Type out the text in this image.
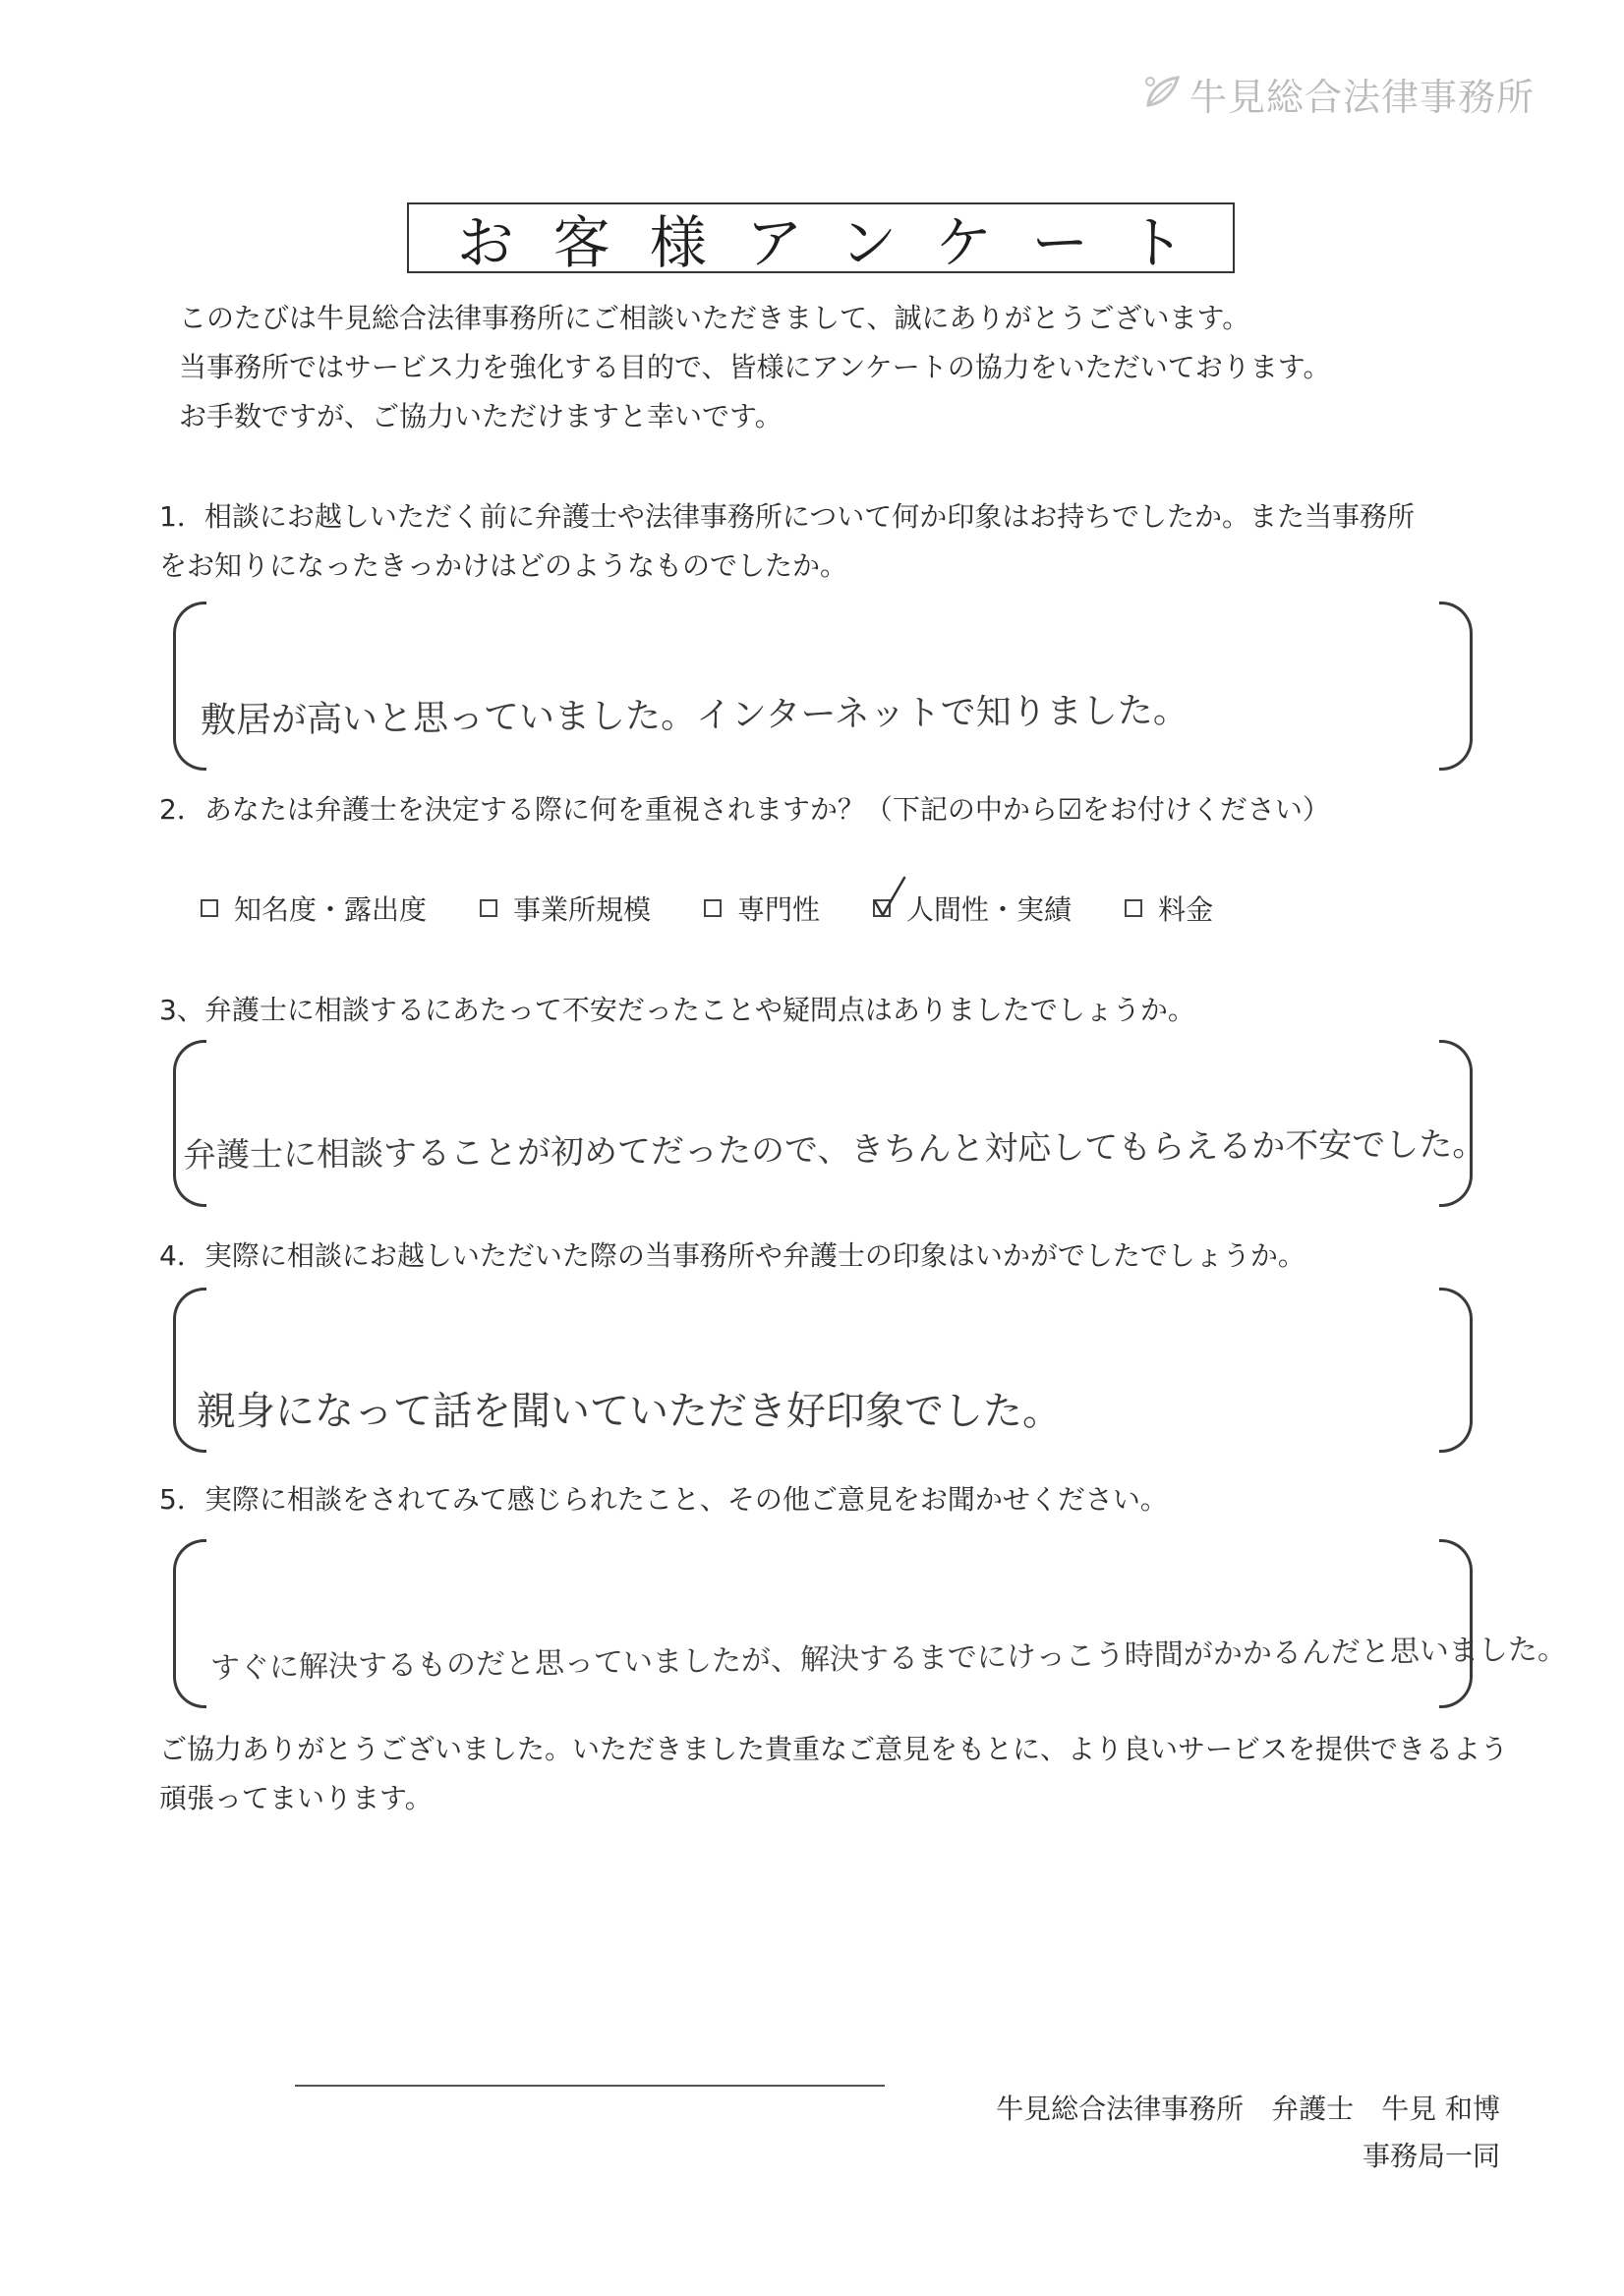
牛見総合法律事務所
お客様アンケート
このたびは牛見総合法律事務所にご相談いただきまして、誠にありがとうございます。
当事務所ではサービス力を強化する目的で、皆様にアンケートの協力をいただいております。
お手数ですが、ご協力いただけますと幸いです。
1．相談にお越しいただく前に弁護士や法律事務所について何か印象はお持ちでしたか。また当事務所
をお知りになったきっかけはどのようなものでしたか。
敷居が高いと思っていました。インターネットで知りました。
2．あなたは弁護士を決定する際に何を重視されますか？（下記の中から☑をお付けください）
知名度・露出度	事業所規模	専門性	人間性・実績	料金
3、弁護士に相談するにあたって不安だったことや疑問点はありましたでしょうか。
弁護士に相談することが初めてだったので、きちんと対応してもらえるか不安でした。
4．実際に相談にお越しいただいた際の当事務所や弁護士の印象はいかがでしたでしょうか。
親身になって話を聞いていただき好印象でした。
5．実際に相談をされてみて感じられたこと、その他ご意見をお聞かせください。
すぐに解決するものだと思っていましたが、解決するまでにけっこう時間がかかるんだと思いました。
ご協力ありがとうございました。いただきました貴重なご意見をもとに、より良いサービスを提供できるよう
頑張ってまいります。
牛見総合法律事務所　弁護士　牛見 和博
事務局一同
